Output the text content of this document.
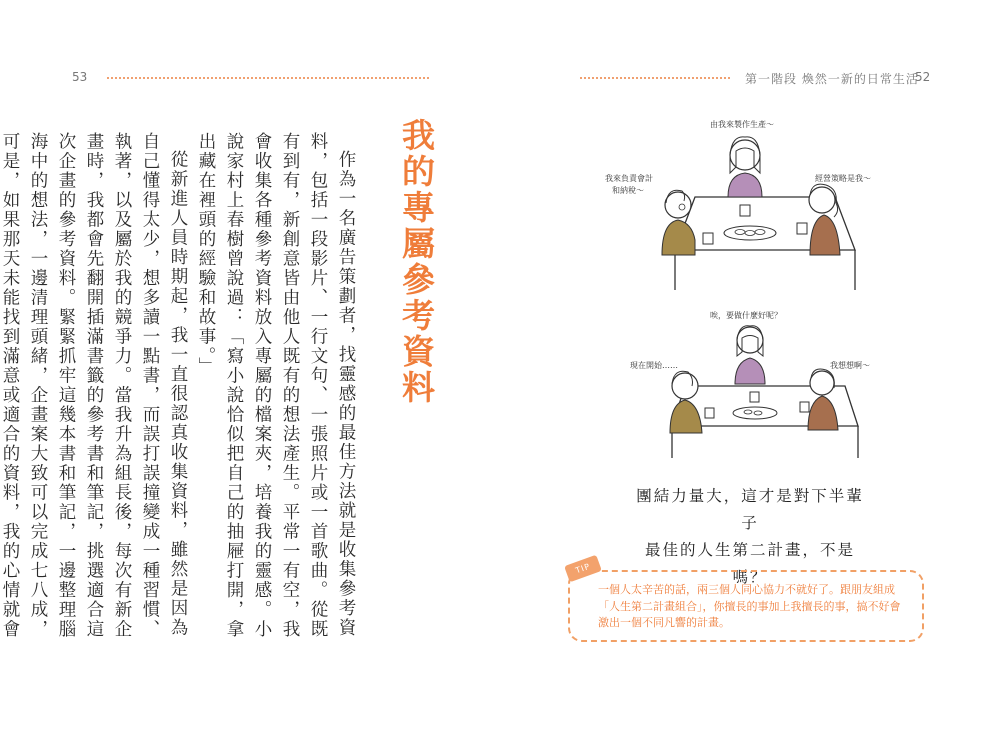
53
我的專屬參考資料

作為一名廣告策劃者，找靈感的最佳方法就是收集參考資料，包括一段影片、一行文句、一張照片或一首歌曲。從既有到有，新創意皆由他人既有的想法產生。平常一有空，我會收集各種參考資料放入專屬的檔案夾，培養我的靈感。小說家村上春樹曾說過：「寫小說恰似把自己的抽屜打開，拿出藏在裡頭的經驗和故事。」

從新進人員時期起，我一直很認真收集資料，雖然是因為自己懂得太少，想多讀一點書，而誤打誤撞變成一種習慣、執著，以及屬於我的競爭力。當我升為組長後，每次有新企畫時，我都會先翻開插滿書籤的參考書和筆記，挑選適合這次企畫的參考資料。緊緊抓牢這幾本書和筆記，一邊整理腦海中的想法，一邊清理頭緒，企畫案大致可以完成七八成，可是，如果那天未能找到滿意或適合的資料，我的心情就會

第一階段 煥然一新的日常生活
52
由我來製作生產～
我來負責會計
和納稅～
經營策略是我～
唉，要做什麼好呢？
現在開始……	我想想啊～
團結力量大，這才是對下半輩子
最佳的人生第二計畫，不是嗎？
TIP
一個人太辛苦的話，兩三個人同心協力不就好了。跟朋友組成「人生第二計畫組合」，你擅長的事加上我擅長的事，搞不好會激出一個不同凡響的計畫。
